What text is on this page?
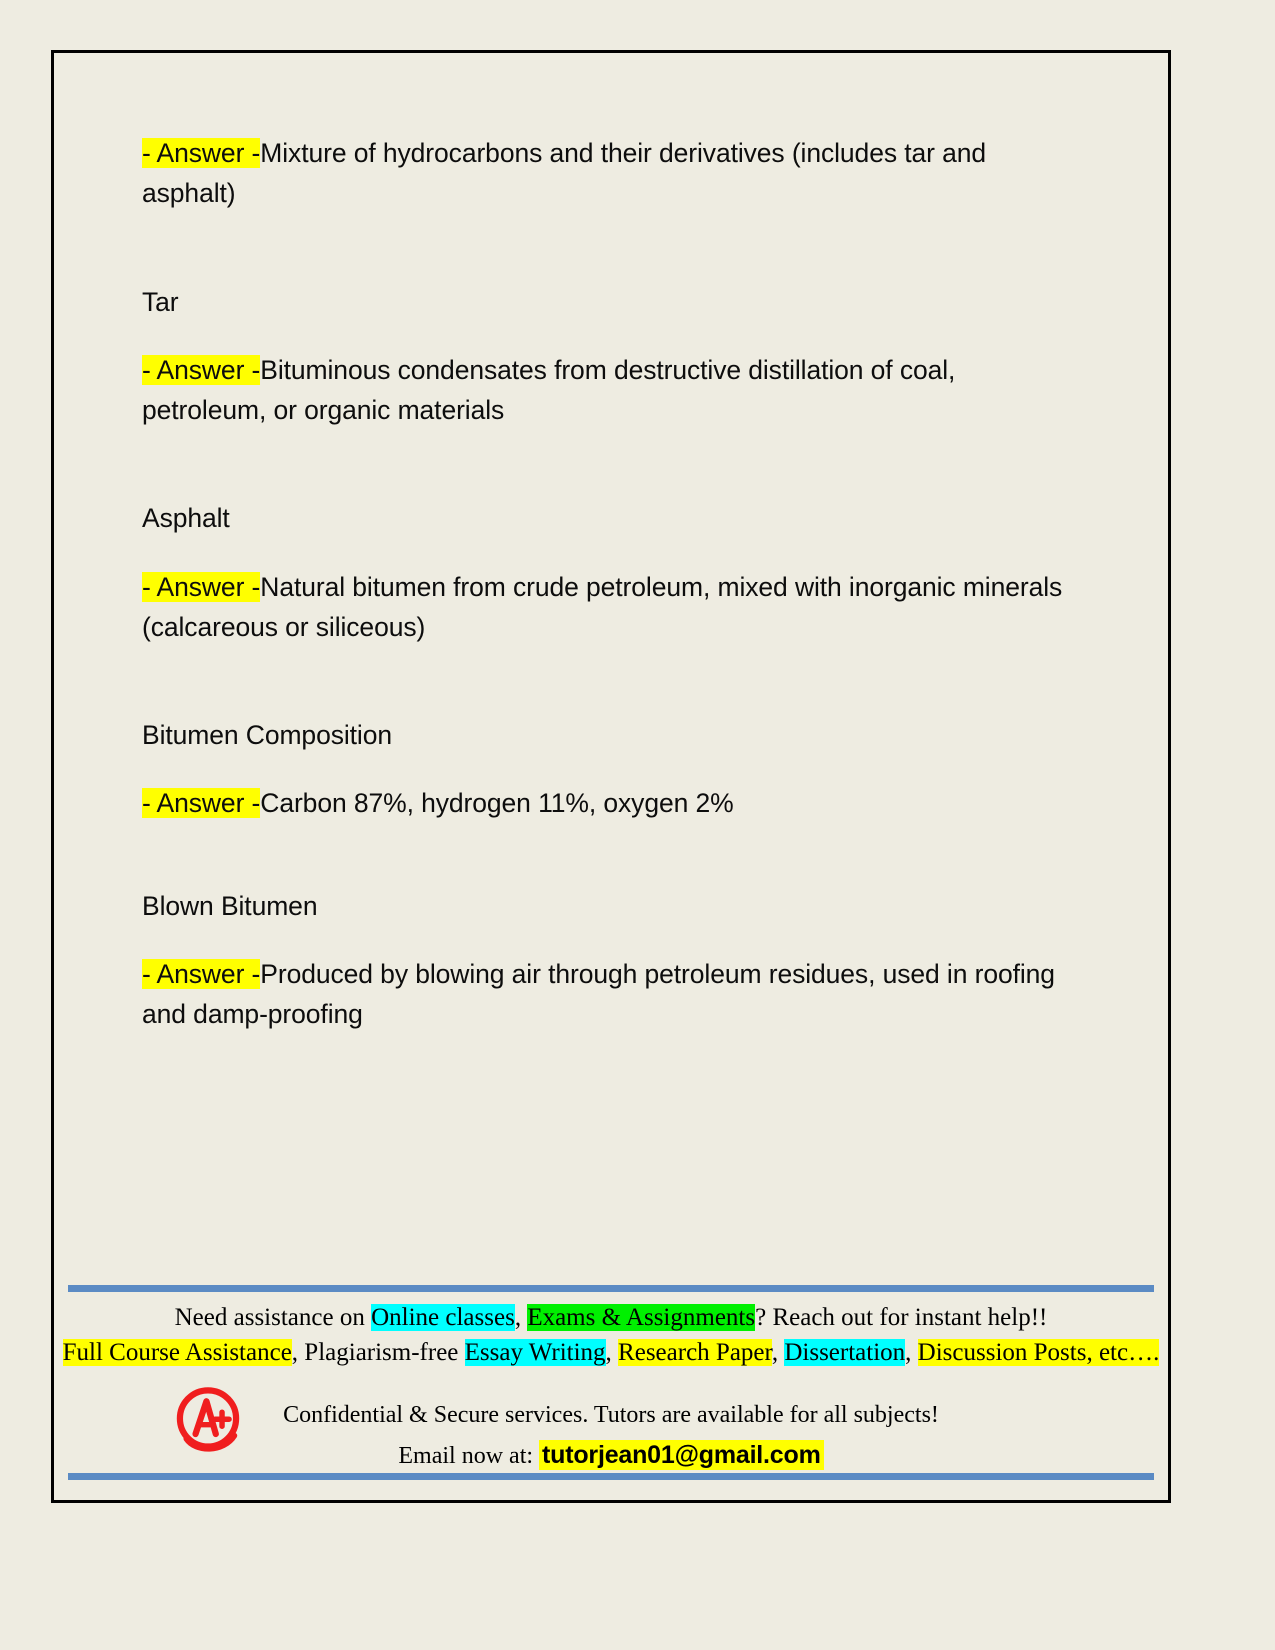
- Answer -Mixture of hydrocarbons and their derivatives (includes tar and asphalt)

Tar

- Answer -Bituminous condensates from destructive distillation of coal, petroleum, or organic materials

Asphalt

- Answer -Natural bitumen from crude petroleum, mixed with inorganic minerals (calcareous or siliceous)

Bitumen Composition

- Answer -Carbon 87%, hydrogen 11%, oxygen 2%

Blown Bitumen

- Answer -Produced by blowing air through petroleum residues, used in roofing and damp-proofing

Need assistance on Online classes, Exams & Assignments? Reach out for instant help!!
Full Course Assistance, Plagiarism-free Essay Writing, Research Paper, Dissertation, Discussion Posts, etc….
Confidential & Secure services. Tutors are available for all subjects!
Email now at: tutorjean01@gmail.com
